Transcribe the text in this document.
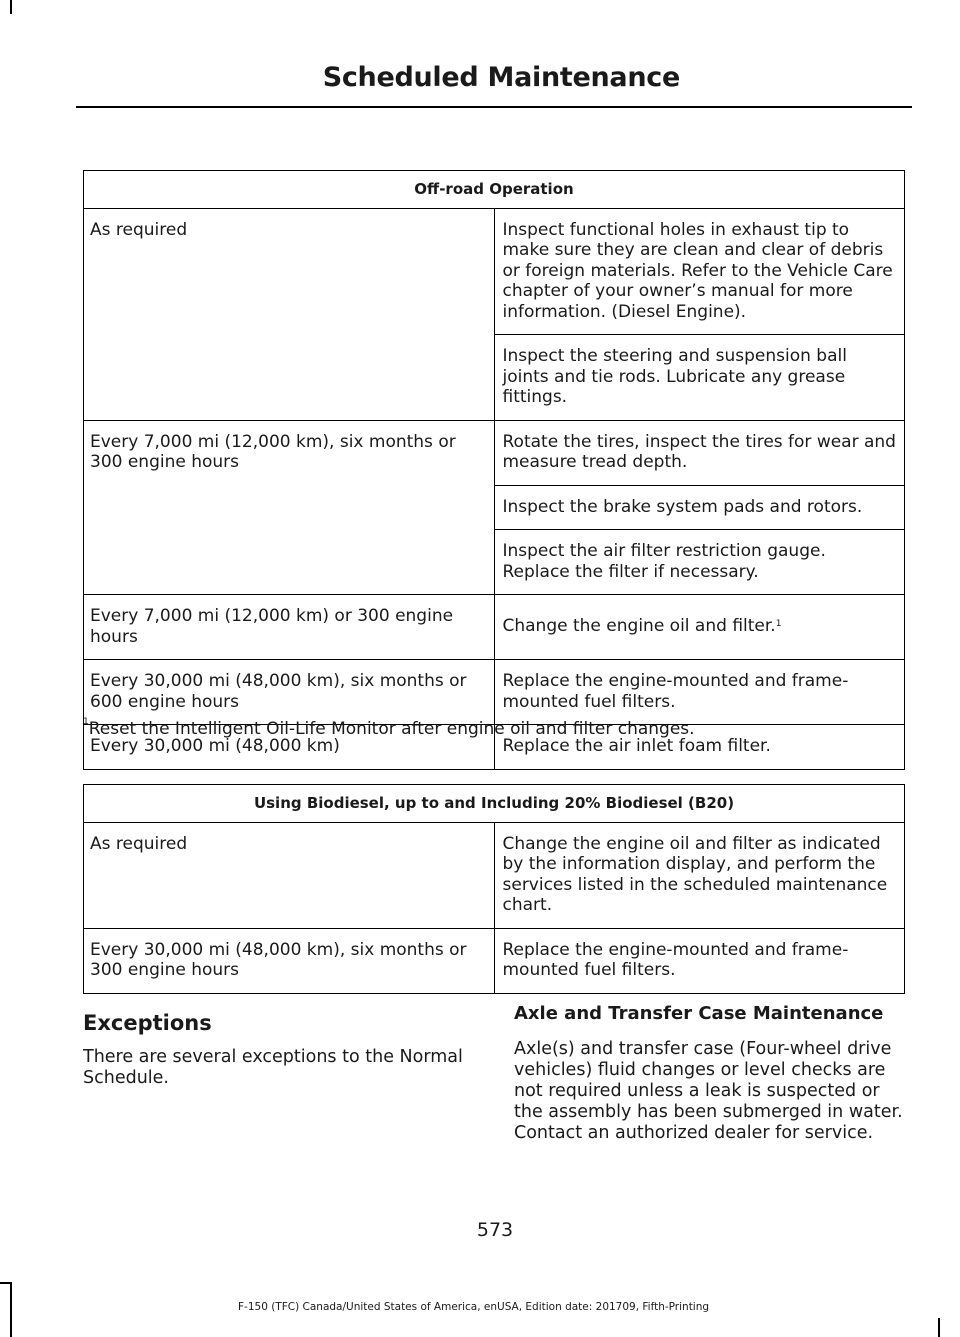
Scheduled Maintenance
Off-road Operation	
As required	Inspect functional holes in exhaust tip to make sure they are clean and clear of debris or foreign materials. Refer to the Vehicle Care chapter of your owner’s manual for more information. (Diesel Engine).
	Inspect the steering and suspension ball joints and tie rods. Lubricate any grease fittings.
Every 7,000 mi (12,000 km), six months or 300 engine hours	Rotate the tires, inspect the tires for wear and measure tread depth.
	Inspect the brake system pads and rotors.
	Inspect the air filter restriction gauge. Replace the filter if necessary.
Every 7,000 mi (12,000 km) or 300 engine hours	Change the engine oil and filter.$^1$
Every 30,000 mi (48,000 km), six months or 600 engine hours	Replace the engine-mounted and frame-mounted fuel filters.
Every 30,000 mi (48,000 km)	Replace the air inlet foam filter.
$^1$Reset the Intelligent Oil-Life Monitor after engine oil and filter changes.
Using Biodiesel, up to and Including 20% Biodiesel (B20)	
As required	Change the engine oil and filter as indicated by the information display, and perform the services listed in the scheduled maintenance chart.
Every 30,000 mi (48,000 km), six months or 300 engine hours	Replace the engine-mounted and frame-mounted fuel filters.
Exceptions
There are several exceptions to the Normal Schedule.
Axle and Transfer Case Maintenance
Axle(s) and transfer case (Four-wheel drive vehicles) fluid changes or level checks are not required unless a leak is suspected or the assembly has been submerged in water. Contact an authorized dealer for service.
573
F-150 (TFC) Canada/United States of America, enUSA, Edition date: 201709, Fifth-Printing
